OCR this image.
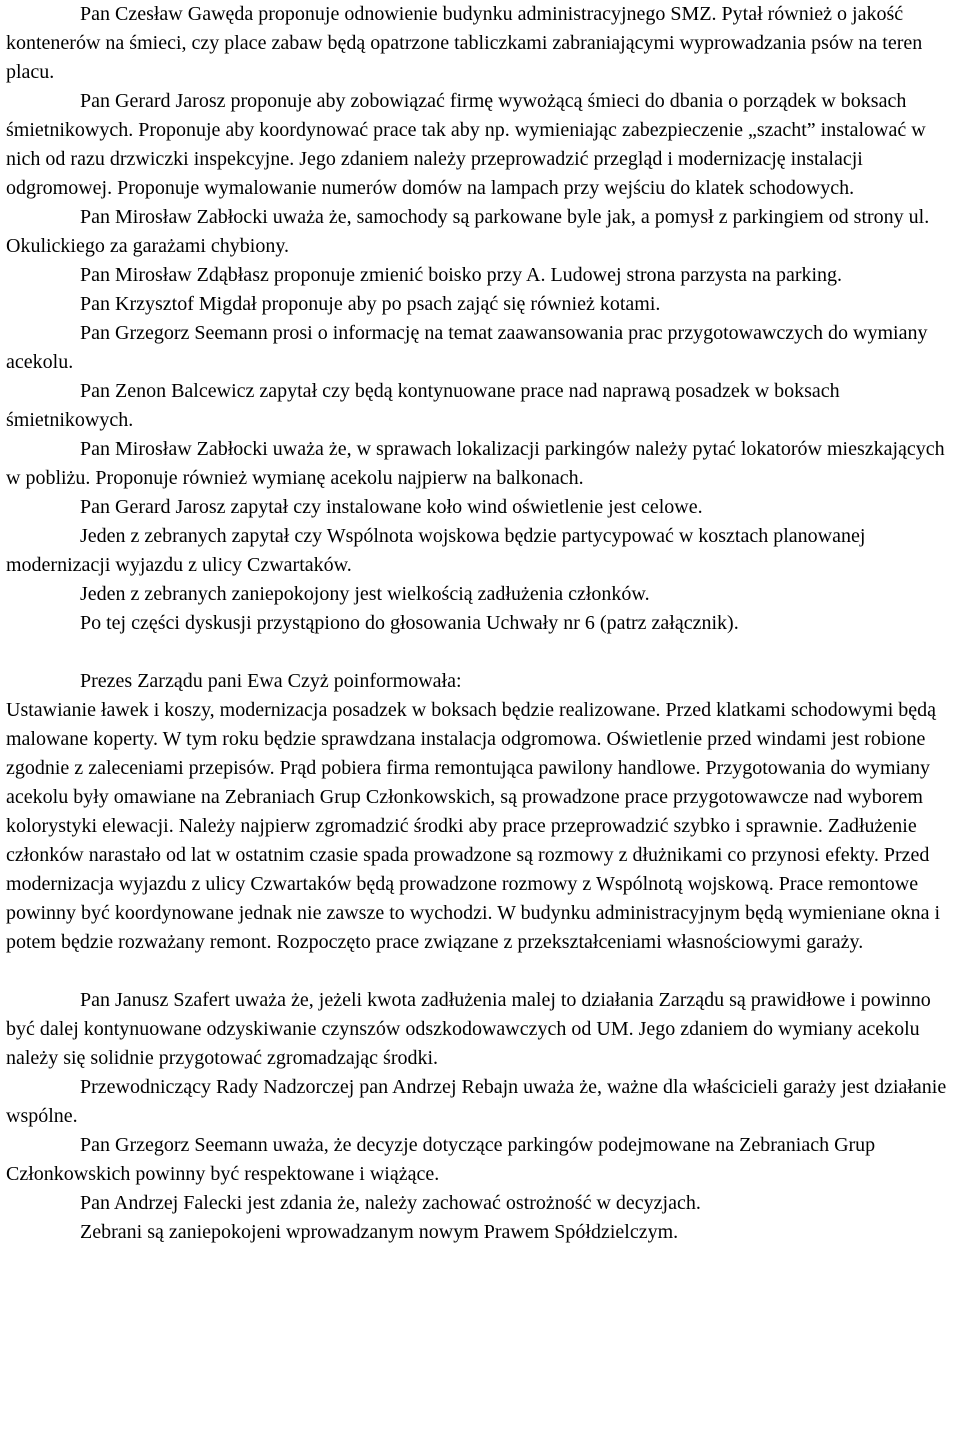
Pan Czesław Gawęda proponuje odnowienie budynku administracyjnego SMZ. Pytał również o jakość kontenerów na śmieci, czy place zabaw będą opatrzone tabliczkami zabraniającymi wyprowadzania psów na teren placu.

Pan Gerard Jarosz proponuje aby zobowiązać firmę wywożącą śmieci do dbania o porządek w boksach śmietnikowych. Proponuje aby koordynować prace tak aby np. wymieniając zabezpieczenie „szacht” instalować w nich od razu drzwiczki inspekcyjne. Jego zdaniem należy przeprowadzić przegląd i modernizację instalacji odgromowej. Proponuje wymalowanie numerów domów na lampach przy wejściu do klatek schodowych.

Pan Mirosław Zabłocki uważa że, samochody są parkowane byle jak, a pomysł z parkingiem od strony ul. Okulickiego za garażami chybiony.

Pan Mirosław Zdąbłasz proponuje zmienić boisko przy A. Ludowej strona parzysta na parking.

Pan Krzysztof Migdał proponuje aby po psach zająć się również kotami.

Pan Grzegorz Seemann prosi o informację na temat zaawansowania prac przygotowawczych do wymiany acekolu.

Pan Zenon Balcewicz zapytał czy będą kontynuowane prace nad naprawą posadzek w boksach śmietnikowych.

Pan Mirosław Zabłocki uważa że, w sprawach lokalizacji parkingów należy pytać lokatorów mieszkających w pobliżu. Proponuje również wymianę acekolu najpierw na balkonach.

Pan Gerard Jarosz zapytał czy instalowane koło wind oświetlenie jest celowe.

Jeden z zebranych zapytał czy Wspólnota wojskowa będzie partycypować w kosztach planowanej modernizacji wyjazdu z ulicy Czwartaków.

Jeden z zebranych zaniepokojony jest wielkością zadłużenia członków.

Po tej części dyskusji przystąpiono do głosowania Uchwały nr 6 (patrz załącznik).

Prezes Zarządu pani Ewa Czyż poinformowała:

Ustawianie ławek i koszy, modernizacja posadzek w boksach będzie realizowane. Przed klatkami schodowymi będą malowane koperty. W tym roku będzie sprawdzana instalacja odgromowa. Oświetlenie przed windami jest robione zgodnie z zaleceniami przepisów. Prąd pobiera firma remontująca pawilony handlowe. Przygotowania do wymiany acekolu były omawiane na Zebraniach Grup Członkowskich, są prowadzone prace przygotowawcze nad wyborem kolorystyki elewacji. Należy najpierw zgromadzić środki aby prace przeprowadzić szybko i sprawnie. Zadłużenie członków narastało od lat w ostatnim czasie spada prowadzone są rozmowy z dłużnikami co przynosi efekty. Przed modernizacja wyjazdu z ulicy Czwartaków będą prowadzone rozmowy z Wspólnotą wojskową. Prace remontowe powinny być koordynowane jednak nie zawsze to wychodzi. W budynku administracyjnym będą wymieniane okna i potem będzie rozważany remont. Rozpoczęto prace związane z przekształceniami własnościowymi garaży.

Pan Janusz Szafert uważa że, jeżeli kwota zadłużenia malej to działania Zarządu są prawidłowe i powinno być dalej kontynuowane odzyskiwanie czynszów odszkodowawczych od UM. Jego zdaniem do wymiany acekolu należy się solidnie przygotować zgromadzając środki.

Przewodniczący Rady Nadzorczej pan Andrzej Rebajn uważa że, ważne dla właścicieli garaży jest działanie wspólne.

Pan Grzegorz Seemann uważa, że decyzje dotyczące parkingów podejmowane na Zebraniach Grup Członkowskich powinny być respektowane i wiążące.

Pan Andrzej Falecki jest zdania że, należy zachować ostrożność w decyzjach.

Zebrani są zaniepokojeni wprowadzanym nowym Prawem Spółdzielczym.
